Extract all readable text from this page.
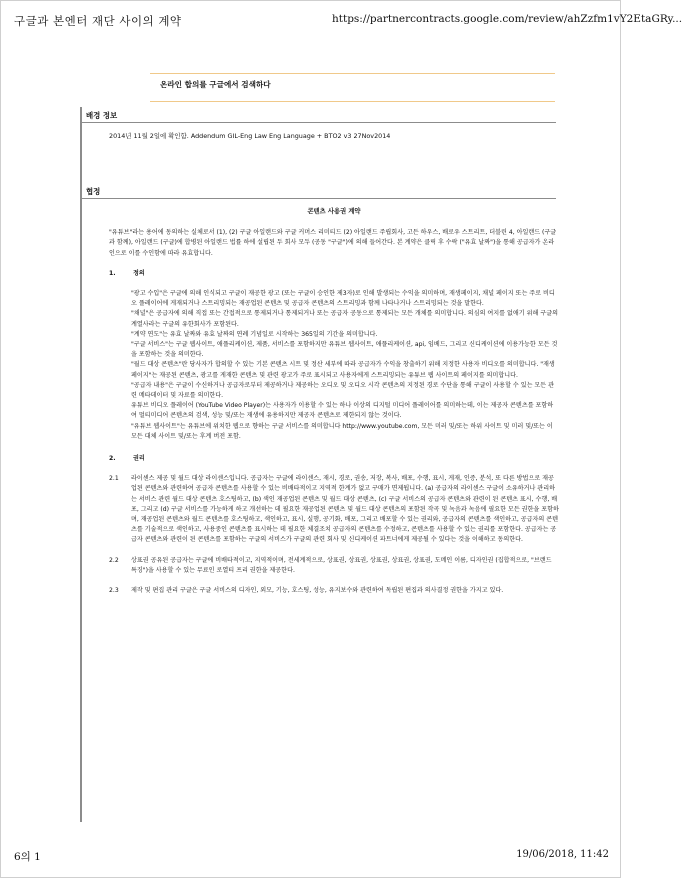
구글과 본엔터 재단 사이의 계약	https://partnercontracts.google.com/review/ahZzfm1vY2EtaGRy...
온라인 합의를 구글에서 검색하다
배경 정보
2014년 11월 2일에 확인함. Addendum GIL-Eng Law Eng Language + BTO2 v3 27Nov2014
협정
콘텐츠 사용권 계약

"유튜브"라는 용어에 동의하는 실체로서 (1), (2) 구글 아일랜드와 구글 커머스 리미티드 (2) 아일랜드 주립회사, 고든 하우스, 배로우 스트리트, 더블린 4, 아일랜드 (구글과 함께), 아일랜드 (구글)에 합병된 아일랜드 법률 하에 설립된 두 회사 모두 (공동 "구글")에 의해 들어간다. 본 계약은 클릭 후 수락 ("유효 날짜")을 통해 공급자가 온라인으로 이를 수인함에 따라 유효합니다.

1.	정의

"광고 수입"은 구글에 의해 인식되고 구글이 재공한 광고 (또는 구글이 승인한 제3자)로 인해 발생되는 수익을 의미하며, 재생페이지, 채널 페이지 또는 주로 비디오 플레이어에 게재되거나 스트리밍되는 재공업된 콘텐츠 및 공급자 콘텐츠의 스트리밍과 함께 나타나거나 스트리밍되는 것을 말한다.

"채널"은 공급자에 의해 직접 또는 간접적으로 통제되거나 통제되거나 또는 공급자 공동으로 통제되는 모든 개체를 의미합니다. 의심의 여지를 없애기 위해 구글의 계열사라는 구글의 유한회사가 포함된다.

"계약 연도"는 유효 날짜와 유효 날짜의 연례 기념일로 시작하는 365일의 기간을 의미합니다.

"구글 서비스"는 구글 웹사이트, 애플리케이션, 제품, 서비스를 포함하지만 유튜브 웹사이트, 애플리케이션, api, 임베드, 그리고 신디케이션에 이용가능한 모든 것을 포함하는 것을 의미한다.

"월드 대상 콘텐츠"란 당사자가 합의할 수 있는 기본 콘텐츠 시트 및 정산 세부에 따라 공급자가 수익을 창출하기 위해 지정한 사용자 비디오를 의미합니다. "재생 페이지"는 재공된 콘텐츠, 광고를 게재한 콘텐츠 및 관련 광고가 주로 표시되고 사용자에게 스트리밍되는 유튜브 웹 사이트의 페이지를 의미합니다.

"공급자 내용"은 구글이 수신하거나 공급자로부터 제공하거나 제공하는 오디오 및 오디오 시각 콘텐츠의 지정된 경로 수단을 통해 구글이 사용할 수 있는 모든 관련 메타데이터 및 자료를 의미한다.

유튜브 비디오 플레이어 (YouTube Video Player)는 사용자가 이용할 수 있는 하나 이상의 디지털 미디어 플레이어를 의미하는데, 이는 제공자 콘텐츠를 포함하여 멀티미디어 콘텐츠의 검색, 성능 및/또는 재생에 유용하지만 제공자 콘텐츠로 제한되지 않는 것이다.

"유튜브 웹사이트"는 유튜브에 위치한 웹으로 향하는 구글 서비스를 의미합니다 http://www.youtube.com, 모든 미러 및/또는 하위 사이트 및 미러 및/또는 이 모든 대체 사이트 및/또는 후계 버전 포함.

2.	권리
2.1	라이센스 제공 및 월드 대상 라이센스입니다. 공급자는 구글에 라이센스, 재시, 경로, 권송, 저장, 복사, 배포, 수행, 표시, 게재, 인증, 분석, 또 다른 방법으로 재공업된 콘텐츠와 관련하여 공급자 콘텐츠를 사용할 수 있는 비배타적이고 지역적 한계가 없고 구매가 면제됩니다. (a) 공급자의 라이센스 구글이 소유하거나 관리하는 서비스 관련 월드 대상 콘텐츠 호스팅하고, (b) 색인 재공업된 콘텐츠 및 월드 대상 콘텐츠, (c) 구글 서비스의 공급자 콘텐츠와 관련이 된 콘텐츠 표시, 수행, 배포, 그리고 (d) 구글 서비스를 가능하게 하고 개선하는 데 필요한 재공업된 콘텐츠 및 월드 대상 콘텐츠의 포함된 작곡 및 녹음과 녹음에 필요한 모든 권한을 포함하며, 재공업된 콘텐츠와 월드 콘텐츠를 호스팅하고, 색인하고, 표시, 실행, 공기화, 배포, 그리고 배포할 수 있는 권리와, 공급자의 콘텐츠를 색인하고, 공급자의 콘텐츠를 기술적으로 색인하고, 사용중인 콘텐츠를 표시하는 데 필요한 체결조치 공급자의 콘텐츠를 수정하고, 콘텐츠를 사용할 수 있는 권리를 포함한다. 공급자는 공급자 콘텐츠와 관련이 된 콘텐츠를 포함하는 구글의 서비스가 구글의 관련 회사 및 신디케이션 파트너에게 제공될 수 있다는 것을 이해하고 동의한다.
2.2	상표권 공유된 공급자는 구글에 비배타적이고, 지역적이며, 전세계적으로, 상표권, 상표권, 상표권, 상표권, 상표권, 도메인 이름, 디자인권 (집합적으로, "브랜드 특징")을 사용할 수 있는 무료인 로열티 프리 권한을 제공한다.
2.3	제작 및 편집 관리 구글은 구글 서비스의 디자인, 외모, 기능, 호스팅, 성능, 유지보수와 관련하여 독립된 편집과 의사결정 권한을 가지고 있다.
6의 1	19/06/2018, 11:42
